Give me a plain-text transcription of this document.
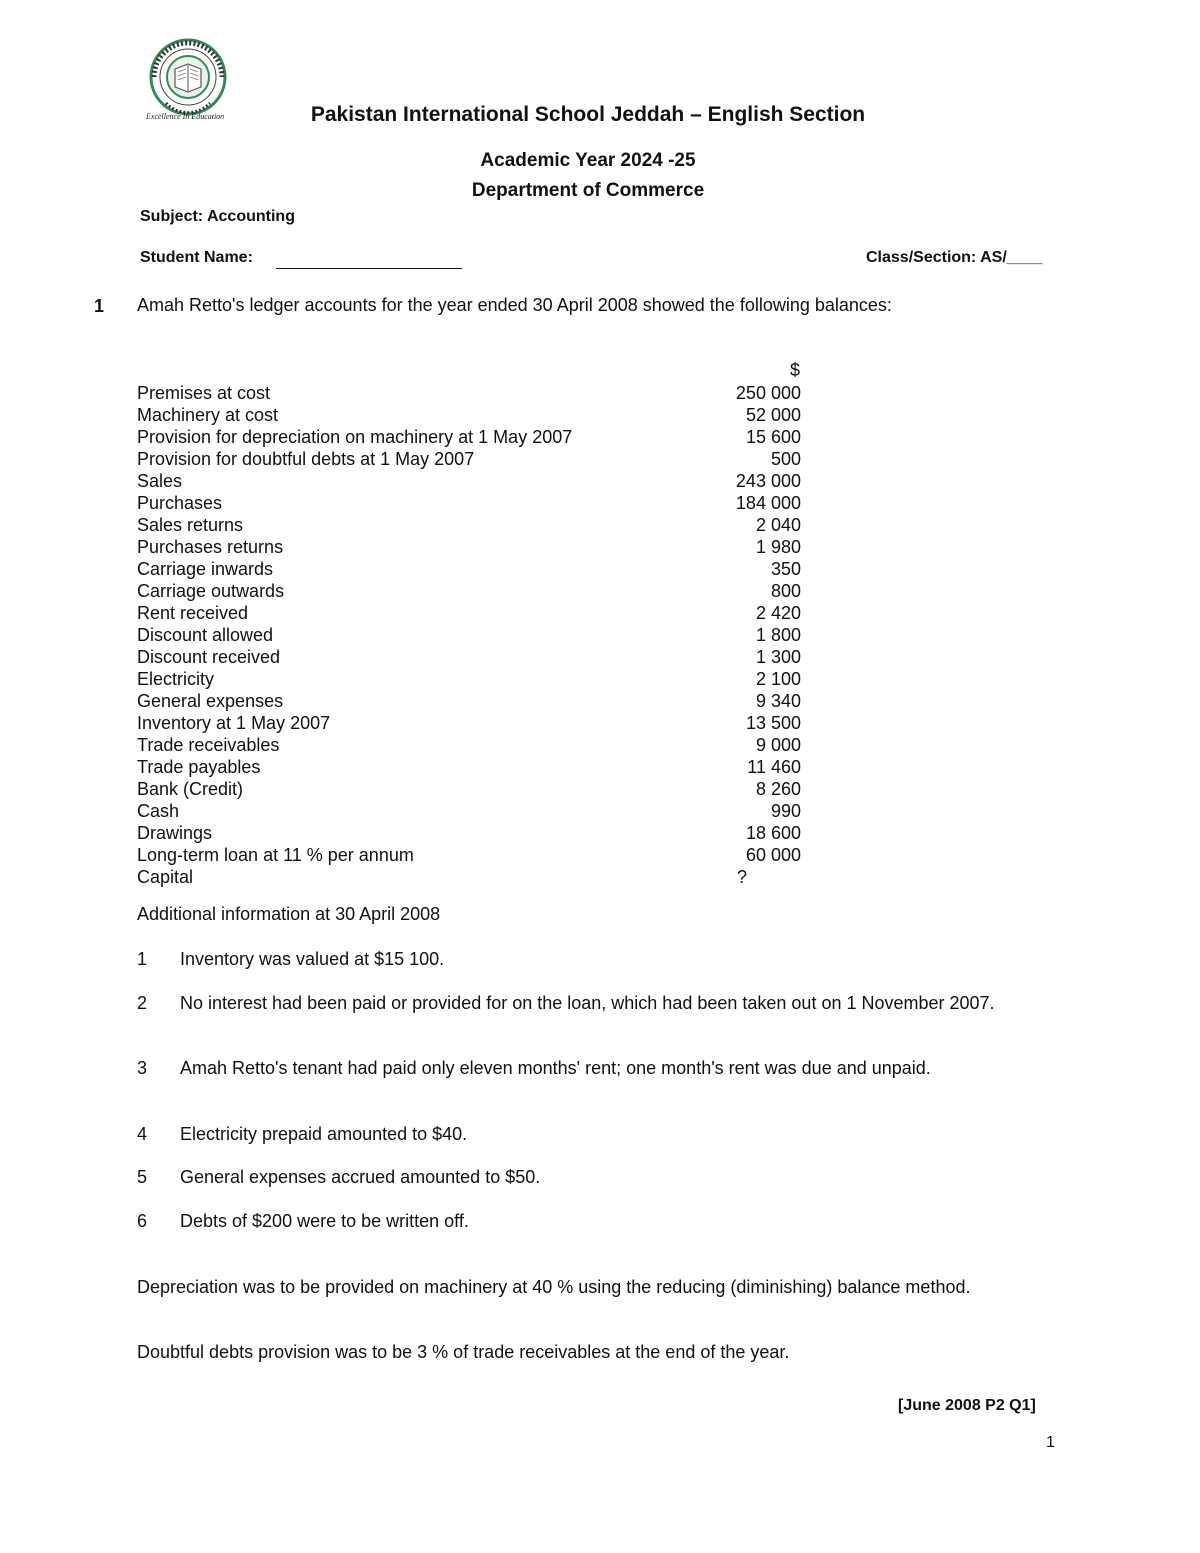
Excellence In Education	Pakistan International School Jeddah – English Section
Academic Year 2024 -25
Department of Commerce
Subject: Accounting
Student Name:	Class/Section: AS/____
1 Amah Retto's ledger accounts for the year ended 30 April 2008 showed the following balances:
$
Premises at cost	250 000
Machinery at cost	52 000
Provision for depreciation on machinery at 1 May 2007	15 600
Provision for doubtful debts at 1 May 2007	500
Sales	243 000
Purchases	184 000
Sales returns	2 040
Purchases returns	1 980
Carriage inwards	350
Carriage outwards	800
Rent received	2 420
Discount allowed	1 800
Discount received	1 300
Electricity	2 100
General expenses	9 340
Inventory at 1 May 2007	13 500
Trade receivables	9 000
Trade payables	11 460
Bank (Credit)	8 260
Cash	990
Drawings	18 600
Long-term loan at 11 % per annum	60 000
Capital	?
Additional information at 30 April 2008
1 Inventory was valued at $15 100.
2 No interest had been paid or provided for on the loan, which had been taken out on 1 November 2007.
3 Amah Retto's tenant had paid only eleven months' rent; one month's rent was due and unpaid.
4 Electricity prepaid amounted to $40.
5 General expenses accrued amounted to $50.
6 Debts of $200 were to be written off.
Depreciation was to be provided on machinery at 40 % using the reducing (diminishing) balance method.
Doubtful debts provision was to be 3 % of trade receivables at the end of the year.
[June 2008 P2 Q1]
1
